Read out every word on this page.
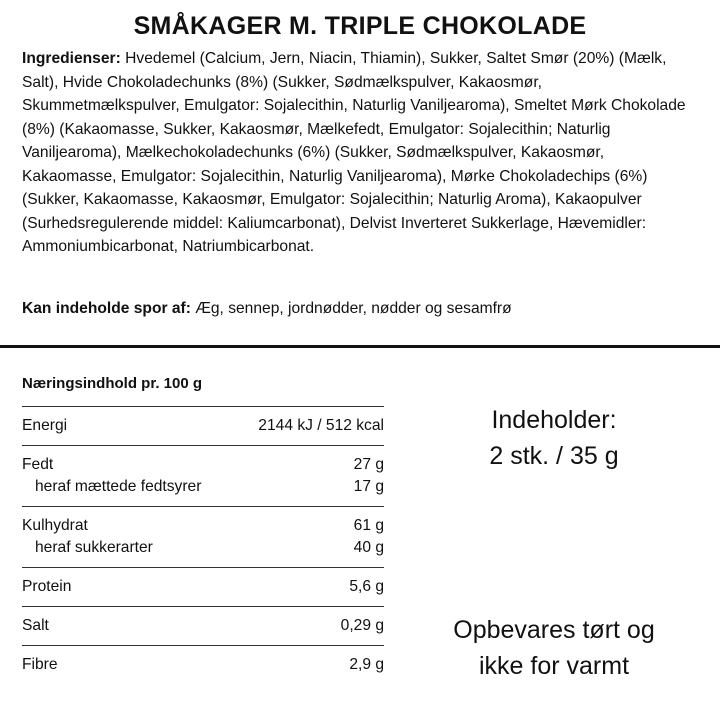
SMÅKAGER M. TRIPLE CHOKOLADE

Ingredienser: Hvedemel (Calcium, Jern, Niacin, Thiamin), Sukker, Saltet Smør (20%) (Mælk, Salt), Hvide Chokoladechunks (8%) (Sukker, Sødmælkspulver, Kakaosmør, Skummetmælkspulver, Emulgator: Sojalecithin, Naturlig Vaniljearoma), Smeltet Mørk Chokolade (8%) (Kakaomasse, Sukker, Kakaosmør, Mælkefedt, Emulgator: Sojalecithin; Naturlig Vaniljearoma), Mælkechokoladechunks (6%) (Sukker, Sødmælkspulver, Kakaosmør, Kakaomasse, Emulgator: Sojalecithin, Naturlig Vaniljearoma), Mørke Chokoladechips (6%) (Sukker, Kakaomasse, Kakaosmør, Emulgator: Sojalecithin; Naturlig Aroma), Kakaopulver (Surhedsregulerende middel: Kaliumcarbonat), Delvist Inverteret Sukkerlage, Hævemidler: Ammoniumbicarbonat, Natriumbicarbonat.

Kan indeholde spor af: Æg, sennep, jordnødder, nødder og sesamfrø

Næringsindhold pr. 100 g
Energi	2144 kJ / 512 kcal
Fedt	27 g
heraf mættede fedtsyrer	17 g
Kulhydrat	61 g
heraf sukkerarter	40 g
Protein	5,6 g
Salt	0,29 g
Fibre	2,9 g

Indeholder:
2 stk. / 35 g

Opbevares tørt og
ikke for varmt
